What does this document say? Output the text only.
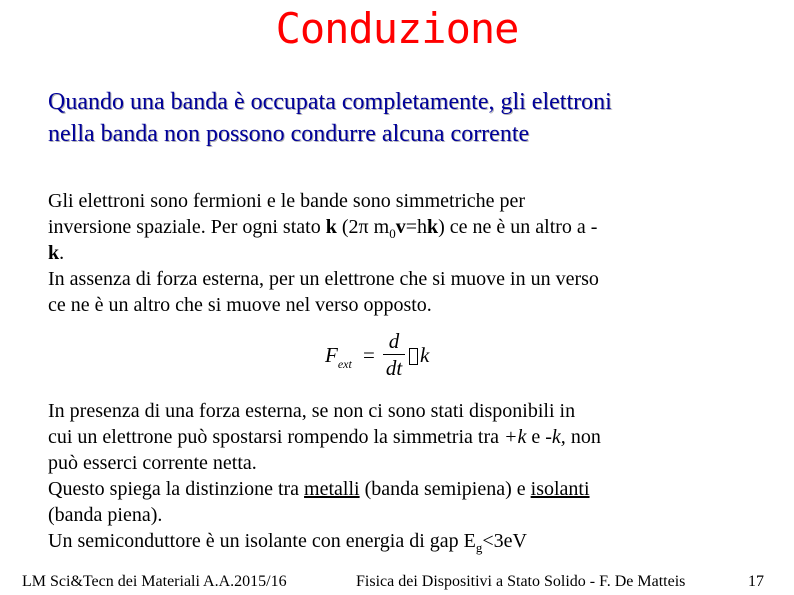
Conduzione
Quando una banda è occupata completamente, gli elettroni
nella banda non possono condurre alcuna corrente
Gli elettroni sono fermioni e le bande sono simmetriche per
inversione spaziale. Per ogni stato k (2π $m_0v=hk$) ce ne è un altro a -
k.
In assenza di forza esterna, per un elettrone che si muove in un verso
ce ne è un altro che si muove nel verso opposto.
$F_{ext}$ =
d
dt
k
In presenza di una forza esterna, se non ci sono stati disponibili in
cui un elettrone può spostarsi rompendo la simmetria tra +k e -k, non
può esserci corrente netta.
Questo spiega la distinzione tra metalli (banda semipiena) e isolanti
(banda piena).
Un semiconduttore è un isolante con energia di gap $E_g<3eV$
LM Sci&Tecn dei Materiali A.A.2015/16	Fisica dei Dispositivi a Stato Solido - F. De Matteis	17
